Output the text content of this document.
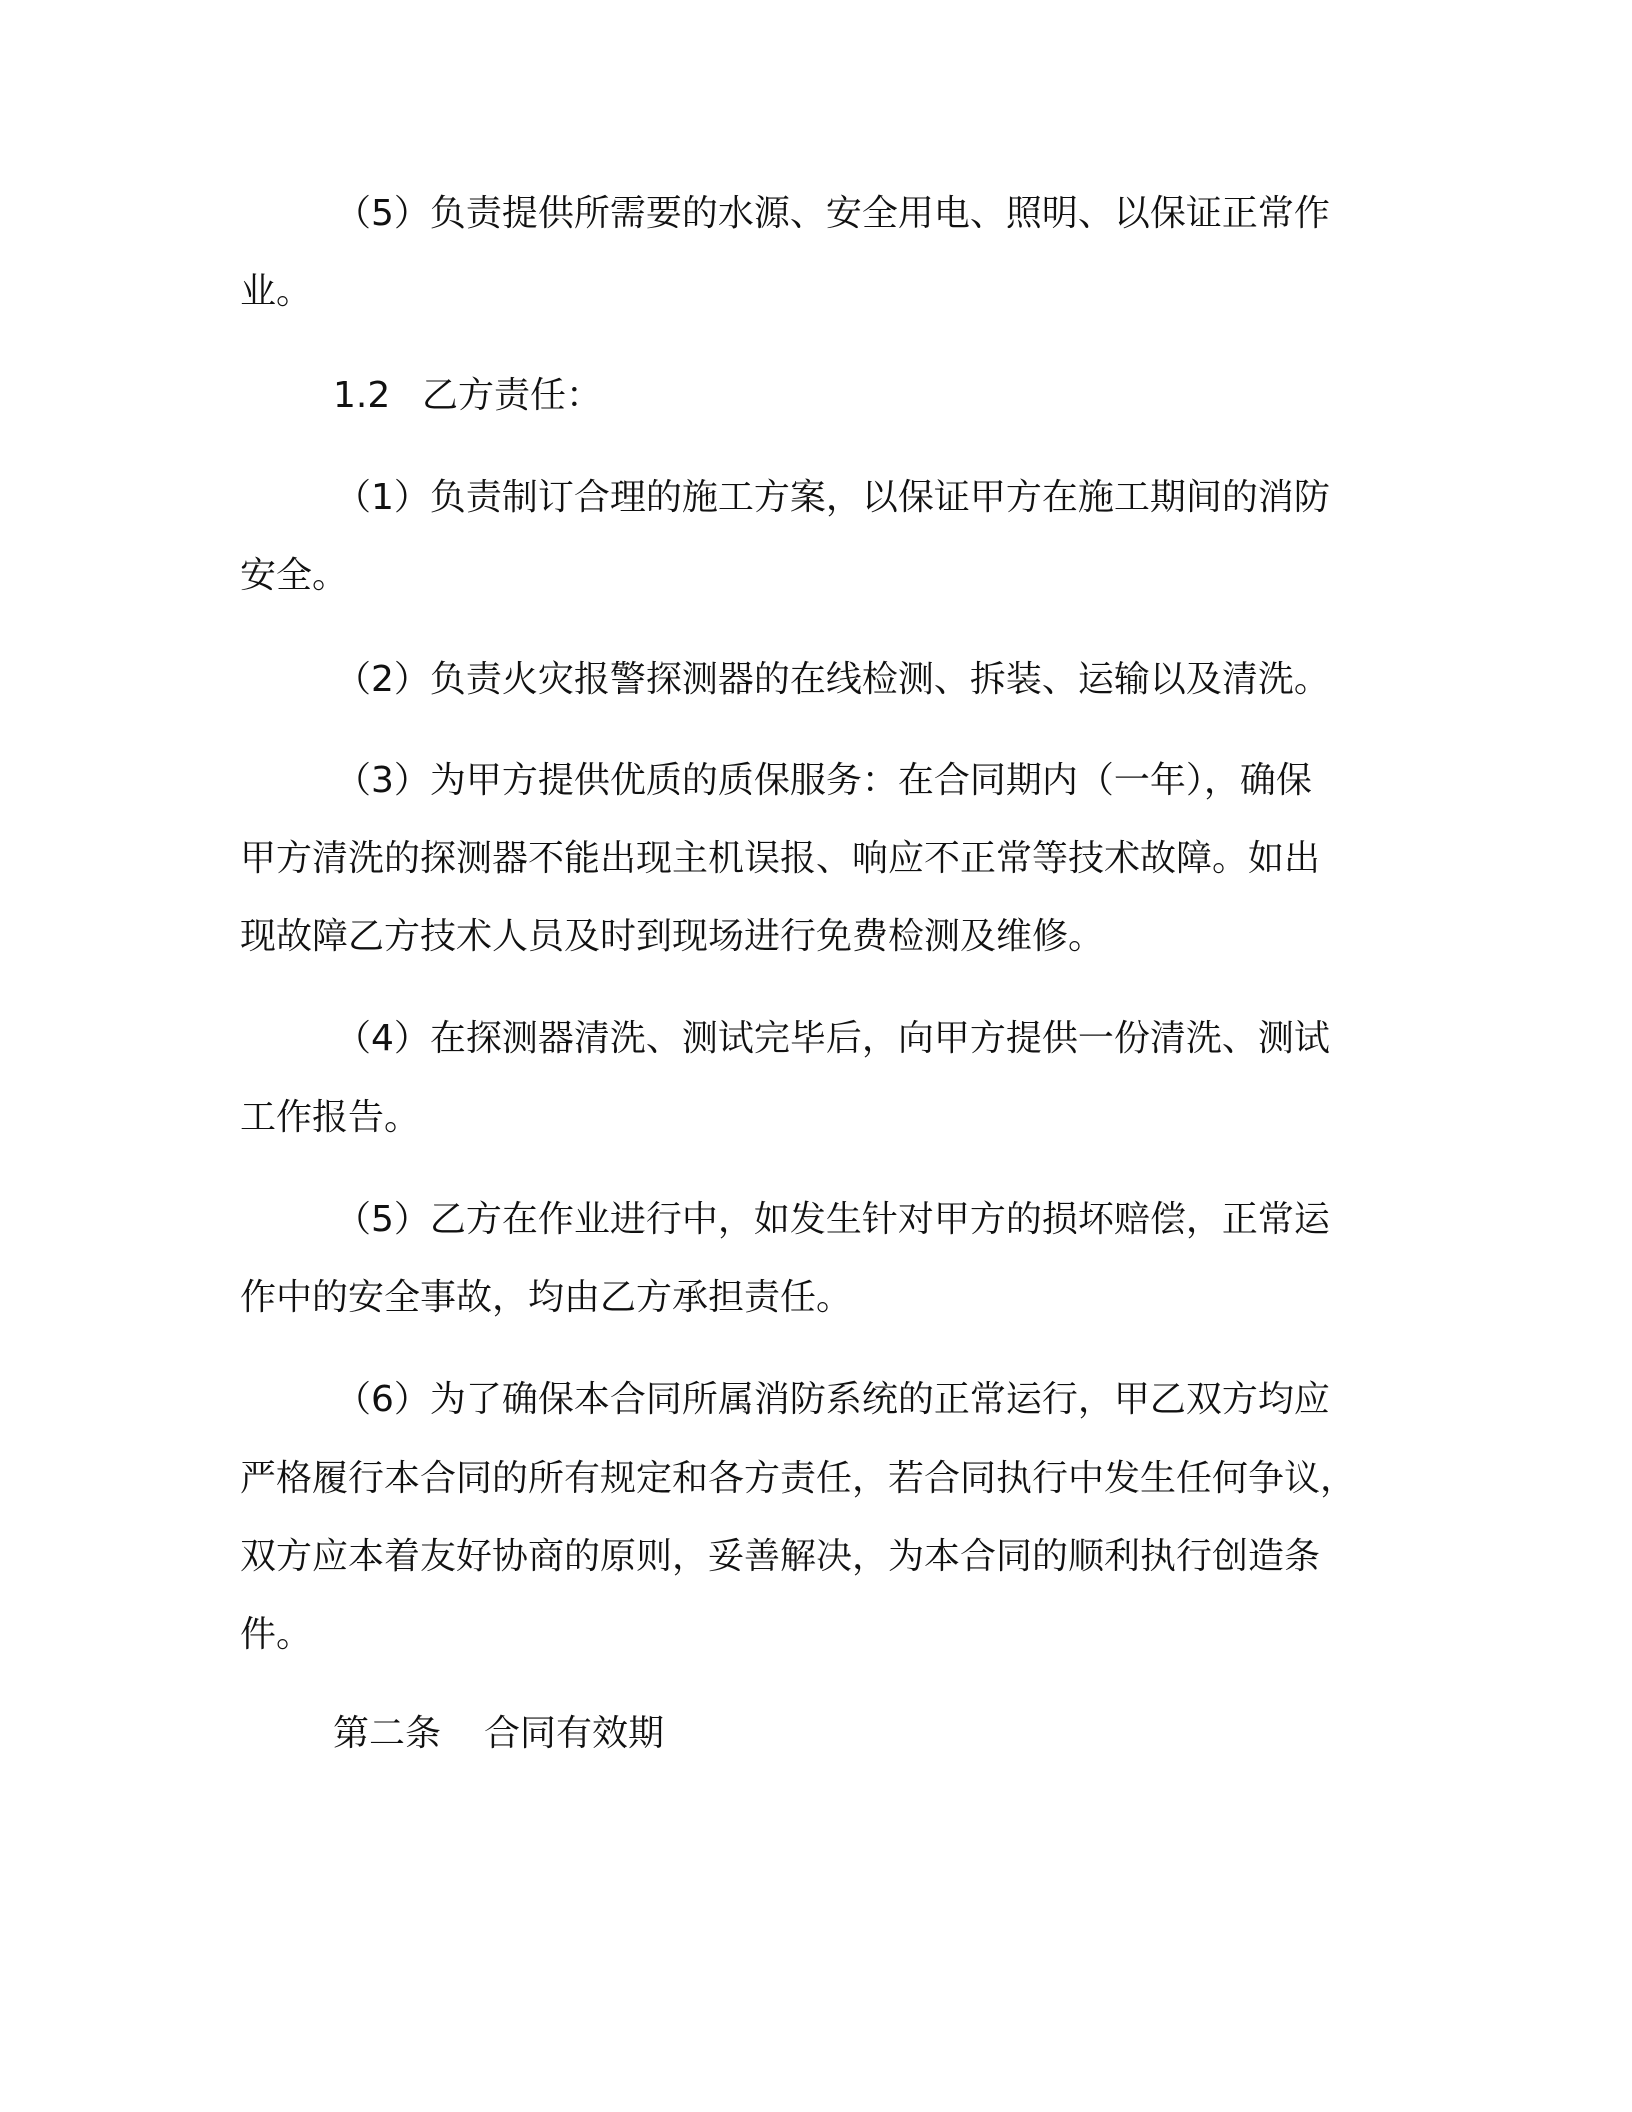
（5）负责提供所需要的水源、安全用电、照明、以保证正常作
业。
1.2 乙方责任：
（1）负责制订合理的施工方案，以保证甲方在施工期间的消防
安全。
（2）负责火灾报警探测器的在线检测、拆装、运输以及清洗。
（3）为甲方提供优质的质保服务：在合同期内（一年），确保
甲方清洗的探测器不能出现主机误报、响应不正常等技术故障。如出
现故障乙方技术人员及时到现场进行免费检测及维修。
（4）在探测器清洗、测试完毕后，向甲方提供一份清洗、测试
工作报告。
（5）乙方在作业进行中，如发生针对甲方的损坏赔偿，正常运
作中的安全事故，均由乙方承担责任。
（6）为了确保本合同所属消防系统的正常运行，甲乙双方均应
严格履行本合同的所有规定和各方责任，若合同执行中发生任何争议，
双方应本着友好协商的原则，妥善解决，为本合同的顺利执行创造条
件。
第二条 合同有效期
